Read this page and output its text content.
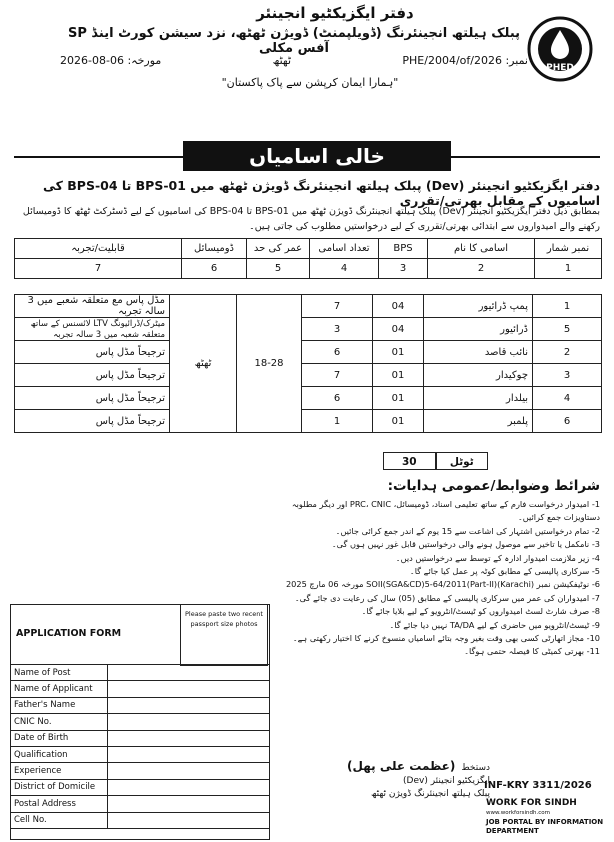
PHED
دفتر ایگزیکٹیو انجینئر
پبلک ہیلتھ انجینئرنگ (ڈویلپمنٹ) ڈویژن ٹھٹھ، نزد سیشن کورٹ اینڈ SP آفس مکلی
نمبر: PHE/2004/of/2026
ٹھٹھ
مورخہ: 06-08-2026
"ہمارا ایمان کرپشن سے پاک پاکستان"
خالی اسامیاں
دفتر ایگزیکٹیو انجینئر (Dev) پبلک ہیلتھ انجینئرنگ ڈویژن ٹھٹھ میں BPS-01 تا BPS-04 کی اسامیوں کے مقابل بھرتی/تقرری
بمطابق ذیل دفتر ایگزیکٹیو انجینئر (Dev) پبلک ہیلتھ انجینئرنگ ڈویژن ٹھٹھ میں BPS-01 تا BPS-04 کی اسامیوں کے لیے ڈسٹرکٹ ٹھٹھ کا ڈومیسائل رکھنے والے امیدواروں سے ابتدائی بھرتی/تقرری کے لیے درخواستیں مطلوب کی جاتی ہیں۔
نمبر شمار	اسامی کا نام	BPS	تعداد اسامی	عمر کی حد	ڈومیسائل	قابلیت/تجربہ
1	2	3	4	5	6	7
1	پمپ ڈرائیور	04	7	18-28	ٹھٹھ	مڈل پاس مع متعلقہ شعبے میں 3 سالہ تجربہ
5	ڈرائیور	04	3			میٹرک/ڈرائیونگ LTV لائسنس کے ساتھ متعلقہ شعبہ میں 3 سالہ تجربہ
2	نائب قاصد	01	6			ترجیحاً مڈل پاس
3	چوکیدار	01	7			ترجیحاً مڈل پاس
4	بیلدار	01	6			ترجیحاً مڈل پاس
6	پلمبر	01	1			ترجیحاً مڈل پاس
ٹوٹل
30
شرائط وضوابط/عمومی ہدایات:
1- امیدوار درخواست فارم کے ساتھ تعلیمی اسناد، ڈومیسائل، PRC، CNIC اور دیگر مطلوبہ دستاویزات جمع کرائیں۔
2- تمام درخواستیں اشتہار کی اشاعت سے 15 یوم کے اندر جمع کرائی جائیں۔
3- نامکمل یا تاخیر سے موصول ہونے والی درخواستیں قابل غور نہیں ہوں گی۔
4- زیر ملازمت امیدوار ادارہ کے توسط سے درخواستیں دیں۔
5- سرکاری پالیسی کے مطابق کوٹہ پر عمل کیا جائے گا۔
6- نوٹیفکیشن نمبر SOII(SGA&CD)5-64/2011(Part-II)(Karachi) مورخہ 06 مارچ 2025
7- امیدواران کی عمر میں سرکاری پالیسی کے مطابق (05) سال کی رعایت دی جائے گی۔
8- صرف شارٹ لسٹ امیدواروں کو ٹیسٹ/انٹرویو کے لیے بلایا جائے گا۔
9- ٹیسٹ/انٹرویو میں حاضری کے لیے TA/DA نہیں دیا جائے گا۔
10- مجاز اتھارٹی کسی بھی وقت بغیر وجہ بتائے اسامیاں منسوخ کرنے کا اختیار رکھتی ہے۔
11- بھرتی کمیٹی کا فیصلہ حتمی ہوگا۔
APPLICATION FORM
Please paste two recent passport size photos
Name of Post	
Name of Applicant	
Father's Name	
CNIC No.	
Date of Birth	
Qualification	
Experience	
District of Domicile	
Postal Address	
Cell No.	
دستخط
(عظمت علی پھل)
ایگزیکٹیو انجینئر (Dev)
پبلک ہیلتھ انجینئرنگ ڈویژن ٹھٹھ
INF-KRY 3311/2026
WORK FOR SINDH
www.workforsindh.com
JOB PORTAL BY INFORMATION DEPARTMENT
